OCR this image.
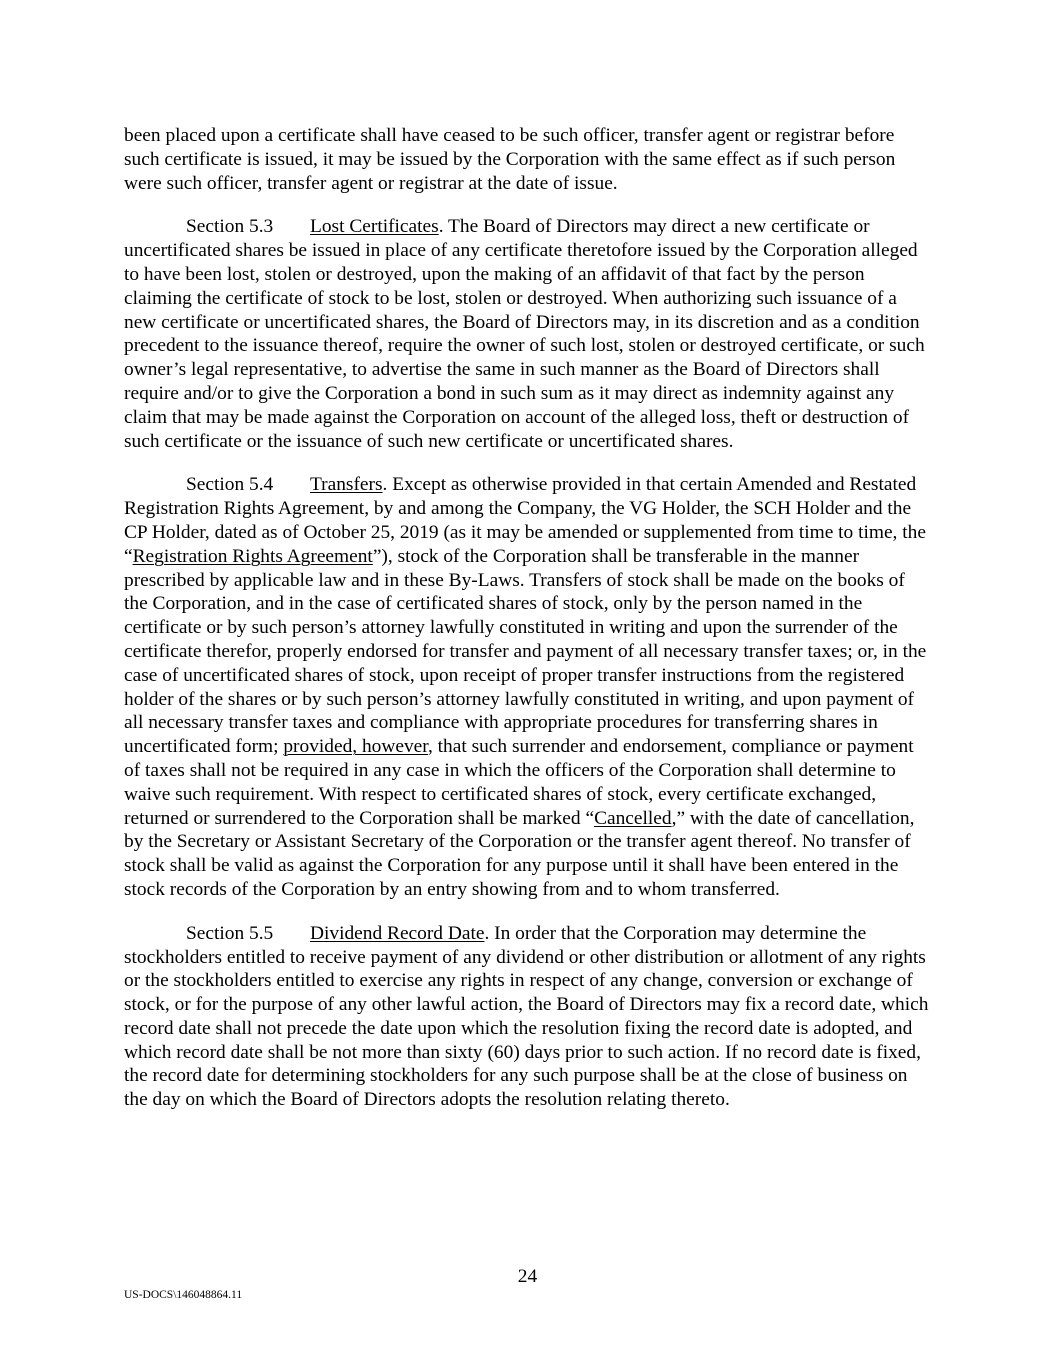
been placed upon a certificate shall have ceased to be such officer, transfer agent or registrar before such certificate is issued, it may be issued by the Corporation with the same effect as if such person were such officer, transfer agent or registrar at the date of issue.

Section 5.3 Lost Certificates. The Board of Directors may direct a new certificate or uncertificated shares be issued in place of any certificate theretofore issued by the Corporation alleged to have been lost, stolen or destroyed, upon the making of an affidavit of that fact by the person claiming the certificate of stock to be lost, stolen or destroyed. When authorizing such issuance of a new certificate or uncertificated shares, the Board of Directors may, in its discretion and as a condition precedent to the issuance thereof, require the owner of such lost, stolen or destroyed certificate, or such owner’s legal representative, to advertise the same in such manner as the Board of Directors shall require and/or to give the Corporation a bond in such sum as it may direct as indemnity against any claim that may be made against the Corporation on account of the alleged loss, theft or destruction of such certificate or the issuance of such new certificate or uncertificated shares.

Section 5.4 Transfers. Except as otherwise provided in that certain Amended and Restated Registration Rights Agreement, by and among the Company, the VG Holder, the SCH Holder and the CP Holder, dated as of October 25, 2019 (as it may be amended or supplemented from time to time, the “Registration Rights Agreement”), stock of the Corporation shall be transferable in the manner prescribed by applicable law and in these By-Laws. Transfers of stock shall be made on the books of the Corporation, and in the case of certificated shares of stock, only by the person named in the certificate or by such person’s attorney lawfully constituted in writing and upon the surrender of the certificate therefor, properly endorsed for transfer and payment of all necessary transfer taxes; or, in the case of uncertificated shares of stock, upon receipt of proper transfer instructions from the registered holder of the shares or by such person’s attorney lawfully constituted in writing, and upon payment of all necessary transfer taxes and compliance with appropriate procedures for transferring shares in uncertificated form; provided, however, that such surrender and endorsement, compliance or payment of taxes shall not be required in any case in which the officers of the Corporation shall determine to waive such requirement. With respect to certificated shares of stock, every certificate exchanged, returned or surrendered to the Corporation shall be marked “Cancelled,” with the date of cancellation, by the Secretary or Assistant Secretary of the Corporation or the transfer agent thereof. No transfer of stock shall be valid as against the Corporation for any purpose until it shall have been entered in the stock records of the Corporation by an entry showing from and to whom transferred.

Section 5.5 Dividend Record Date. In order that the Corporation may determine the stockholders entitled to receive payment of any dividend or other distribution or allotment of any rights or the stockholders entitled to exercise any rights in respect of any change, conversion or exchange of stock, or for the purpose of any other lawful action, the Board of Directors may fix a record date, which record date shall not precede the date upon which the resolution fixing the record date is adopted, and which record date shall be not more than sixty (60) days prior to such action. If no record date is fixed, the record date for determining stockholders for any such purpose shall be at the close of business on the day on which the Board of Directors adopts the resolution relating thereto.

24
US-DOCS\146048864.11
